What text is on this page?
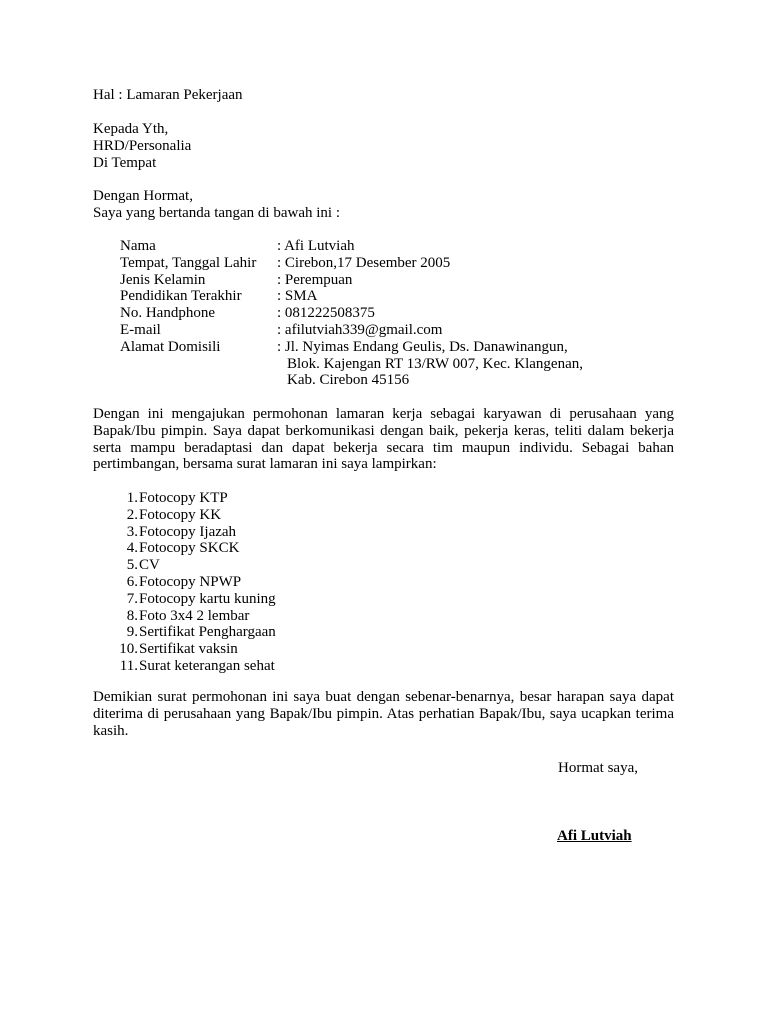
Hal : Lamaran Pekerjaan
Kepada Yth,
HRD/Personalia
Di Tempat
Dengan Hormat,
Saya yang bertanda tangan di bawah ini :
Nama	: Afi Lutviah
Tempat, Tanggal Lahir	: Cirebon,17 Desember 2005
Jenis Kelamin	: Perempuan
Pendidikan Terakhir	: SMA
No. Handphone	: 081222508375
E-mail	: afilutviah339@gmail.com
Alamat Domisili	: Jl. Nyimas Endang Geulis, Ds. Danawinangun,
Blok. Kajengan RT 13/RW 007, Kec. Klangenan,
Kab. Cirebon 45156
Dengan ini mengajukan permohonan lamaran kerja sebagai karyawan di perusahaan yang Bapak/Ibu pimpin. Saya dapat berkomunikasi dengan baik, pekerja keras, teliti dalam bekerja serta mampu beradaptasi dan dapat bekerja secara tim maupun individu. Sebagai bahan pertimbangan, bersama surat lamaran ini saya lampirkan:
1. Fotocopy KTP
2. Fotocopy KK
3. Fotocopy Ijazah
4. Fotocopy SKCK
5. CV
6. Fotocopy NPWP
7. Fotocopy kartu kuning
8. Foto 3x4 2 lembar
9. Sertifikat Penghargaan
10. Sertifikat vaksin
11. Surat keterangan sehat
Demikian surat permohonan ini saya buat dengan sebenar-benarnya, besar harapan saya dapat diterima di perusahaan yang Bapak/Ibu pimpin. Atas perhatian Bapak/Ibu, saya ucapkan terima kasih.
Hormat saya,
Afi Lutviah
